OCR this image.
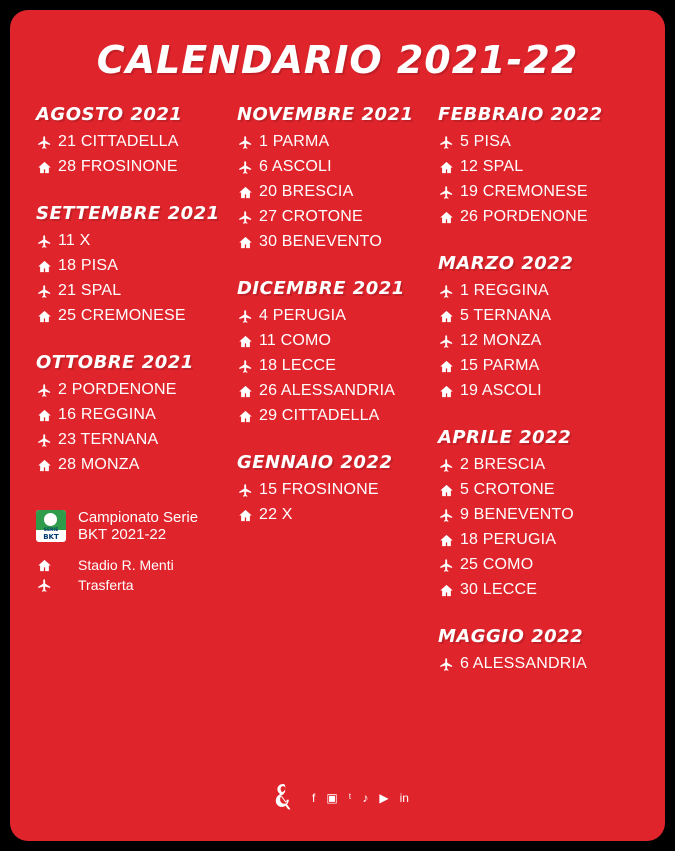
CALENDARIO 2021-22
AGOSTO 2021
21 CITTADELLA
28 FROSINONE
SETTEMBRE 2021
11 X
18 PISA
21 SPAL
25 CREMONESE
OTTOBRE 2021
2 PORDENONE
16 REGGINA
23 TERNANA
28 MONZA
SERIE
BKT
Campionato Serie BKT 2021-22
Stadio R. Menti
Trasferta
NOVEMBRE 2021
1 PARMA
6 ASCOLI
20 BRESCIA
27 CROTONE
30 BENEVENTO
DICEMBRE 2021
4 PERUGIA
11 COMO
18 LECCE
26 ALESSANDRIA
29 CITTADELLA
GENNAIO 2022
15 FROSINONE
22 X
FEBBRAIO 2022
5 PISA
12 SPAL
19 CREMONESE
26 PORDENONE
MARZO 2022
1 REGGINA
5 TERNANA
12 MONZA
15 PARMA
19 ASCOLI
APRILE 2022
2 BRESCIA
5 CROTONE
9 BENEVENTO
18 PERUGIA
25 COMO
30 LECCE
MAGGIO 2022
6 ALESSANDRIA
f ▣ ᵗ ♪ ▶ in
